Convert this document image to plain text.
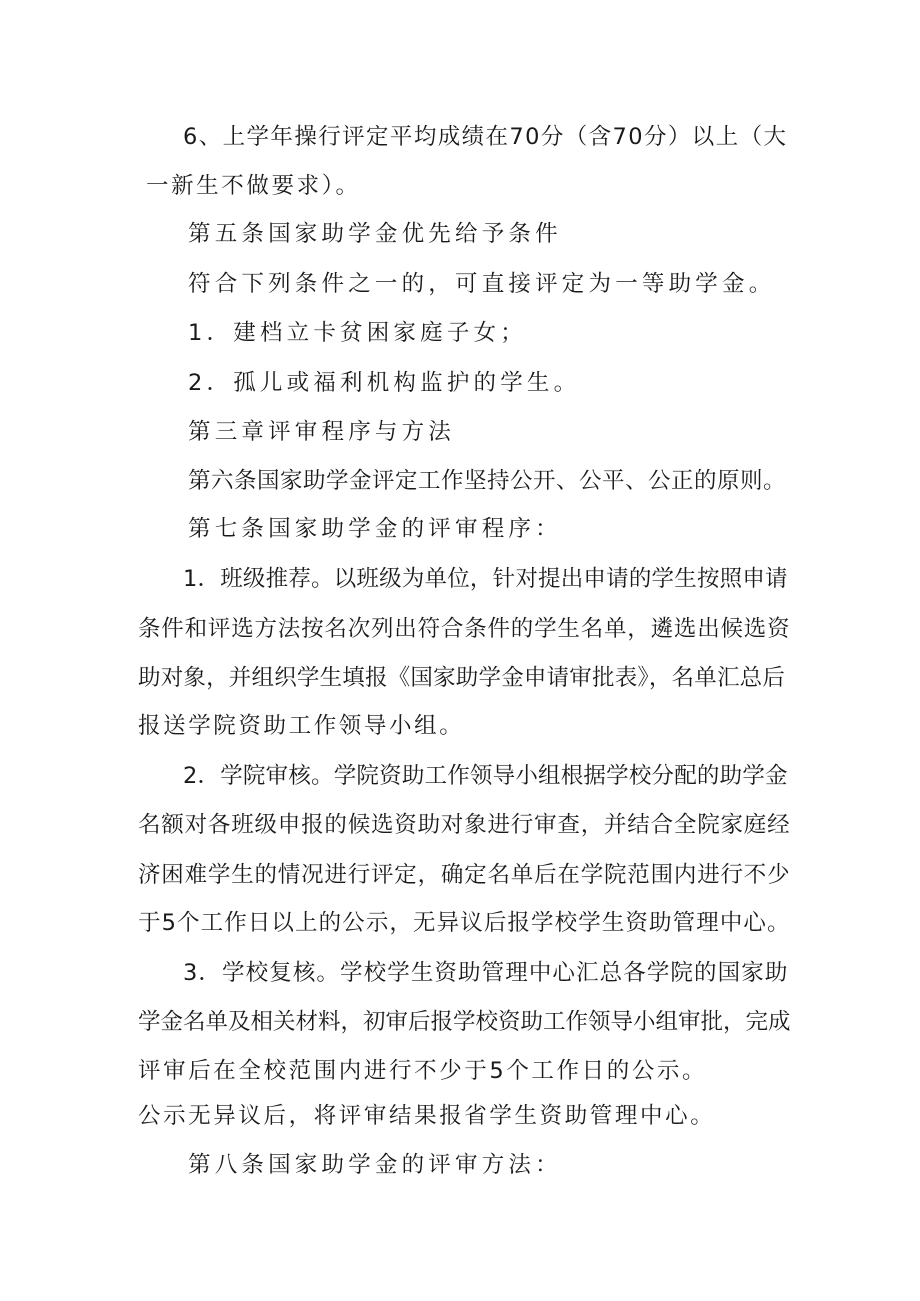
6、上学年操行评定平均成绩在70分（含70分）以上（大
一新生不做要求）。
第五条国家助学金优先给予条件
符合下列条件之一的，可直接评定为一等助学金。
1．建档立卡贫困家庭子女；
2．孤儿或福利机构监护的学生。
第三章评审程序与方法
第六条国家助学金评定工作坚持公开、公平、公正的原则。
第七条国家助学金的评审程序：
1．班级推荐。以班级为单位，针对提出申请的学生按照申请
条件和评选方法按名次列出符合条件的学生名单，遴选出候选资
助对象，并组织学生填报《国家助学金申请审批表》，名单汇总后
报送学院资助工作领导小组。
2．学院审核。学院资助工作领导小组根据学校分配的助学金
名额对各班级申报的候选资助对象进行审查，并结合全院家庭经
济困难学生的情况进行评定，确定名单后在学院范围内进行不少
于5个工作日以上的公示，无异议后报学校学生资助管理中心。
3．学校复核。学校学生资助管理中心汇总各学院的国家助
学金名单及相关材料，初审后报学校资助工作领导小组审批，完成
评审后在全校范围内进行不少于5个工作日的公示。
公示无异议后，将评审结果报省学生资助管理中心。
第八条国家助学金的评审方法：
